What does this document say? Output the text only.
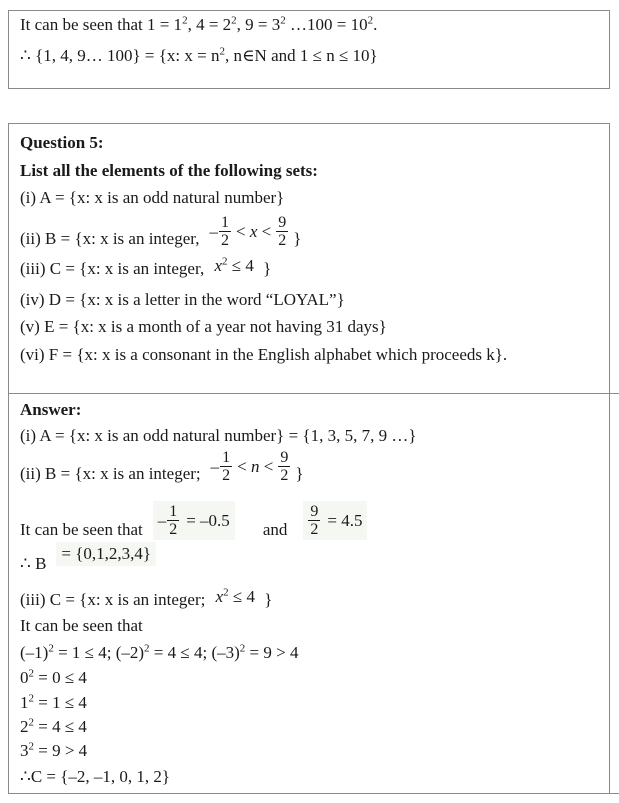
It can be seen that $1 = 1^2$, $4 = 2^2$, $9 = 3^2$ …100 = $10^2$.
∴ {1, 4, 9… 100} = {x: $x = n^2$, n∈N and 1 ≤ n ≤ 10}
Question 5:
List all the elements of the following sets:
(i) A = {x: x is an odd natural number}
(ii) B = {x: x is an integer, – $\frac{1}{2} < x < \frac{9}{2}$ }
(iii) C = {x: x is an integer, $x^2 \le 4$ }
(iv) D = {x: x is a letter in the word “LOYAL”}
(v) E = {x: x is a month of a year not having 31 days}
(vi) F = {x: x is a consonant in the English alphabet which proceeds k}.
Answer:
(i) A = {x: x is an odd natural number} = {1, 3, 5, 7, 9 …}
(ii) B = {x: x is an integer; – $\frac{1}{2} < n < \frac{9}{2}$ }
It can be seen that – $\frac{1}{2} = -0.5$ and $\frac{9}{2} = 4.5$
∴ B
= {0,1,2,3,4}
(iii) C = {x: x is an integer; $x^2 \le 4$ }
It can be seen that
$(-1)^2 = 1 \le 4$; $(-2)^2 = 4 \le 4$; $(-3)^2 = 9 > 4$
$0^2 = 0 \le 4$
$1^2 = 1 \le 4$
$2^2 = 4 \le 4$
$3^2 = 9 > 4$
∴C = {–2, –1, 0, 1, 2}
